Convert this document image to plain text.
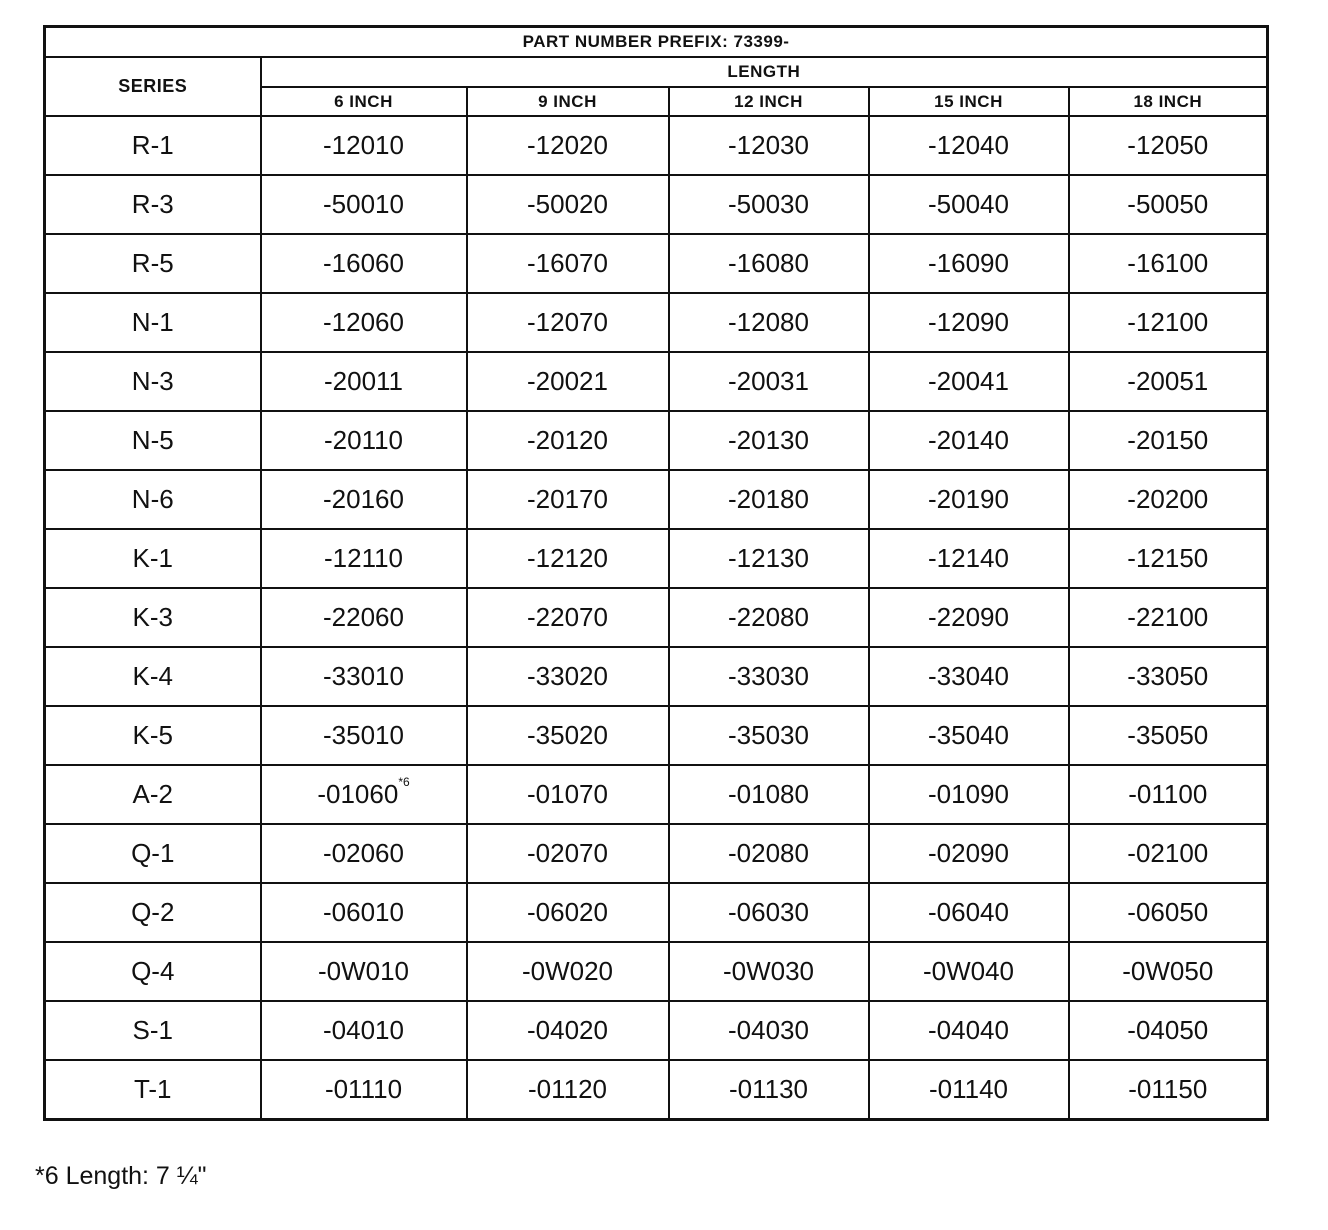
PART NUMBER PREFIX: 73399-					
SERIES	LENGTH				
	6 INCH	9 INCH	12 INCH	15 INCH	18 INCH
R-1	-12010	-12020	-12030	-12040	-12050
R-3	-50010	-50020	-50030	-50040	-50050
R-5	-16060	-16070	-16080	-16090	-16100
N-1	-12060	-12070	-12080	-12090	-12100
N-3	-20011	-20021	-20031	-20041	-20051
N-5	-20110	-20120	-20130	-20140	-20150
N-6	-20160	-20170	-20180	-20190	-20200
K-1	-12110	-12120	-12130	-12140	-12150
K-3	-22060	-22070	-22080	-22090	-22100
K-4	-33010	-33020	-33030	-33040	-33050
K-5	-35010	-35020	-35030	-35040	-35050
A-2	-01060$^{*6}$	-01070	-01080	-01090	-01100
Q-1	-02060	-02070	-02080	-02090	-02100
Q-2	-06010	-06020	-06030	-06040	-06050
Q-4	-0W010	-0W020	-0W030	-0W040	-0W050
S-1	-04010	-04020	-04030	-04040	-04050
T-1	-01110	-01120	-01130	-01140	-01150
*6 Length: 7 ¼"
